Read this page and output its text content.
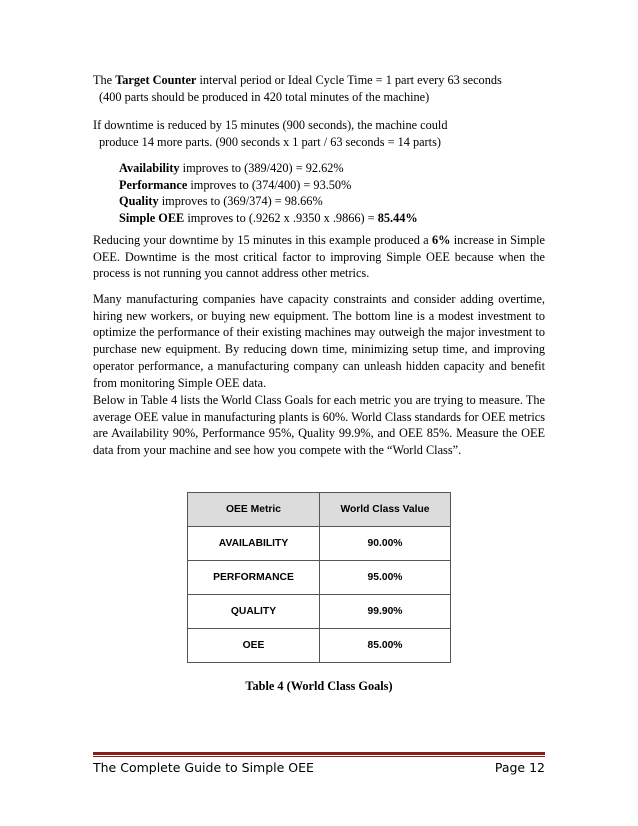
The Target Counter interval period or Ideal Cycle Time = 1 part every 63 seconds
(400 parts should be produced in 420 total minutes of the machine)
If downtime is reduced by 15 minutes (900 seconds), the machine could
produce 14 more parts. (900 seconds x 1 part / 63 seconds = 14 parts)
Availability improves to (389/420) = 92.62%
Performance improves to (374/400) = 93.50%
Quality improves to (369/374) = 98.66%
Simple OEE improves to (.9262 x .9350 x .9866) = 85.44%
Reducing your downtime by 15 minutes in this example produced a 6% increase in Simple OEE. Downtime is the most critical factor to improving Simple OEE because when the process is not running you cannot address other metrics.
Many manufacturing companies have capacity constraints and consider adding overtime, hiring new workers, or buying new equipment. The bottom line is a modest investment to optimize the performance of their existing machines may outweigh the major investment to purchase new equipment. By reducing down time, minimizing setup time, and improving operator performance, a manufacturing company can unleash hidden capacity and benefit from monitoring Simple OEE data.
Below in Table 4 lists the World Class Goals for each metric you are trying to measure. The average OEE value in manufacturing plants is 60%. World Class standards for OEE metrics are Availability 90%, Performance 95%, Quality 99.9%, and OEE 85%. Measure the OEE data from your machine and see how you compete with the “World Class”.
OEE Metric	World Class Value
AVAILABILITY	90.00%
PERFORMANCE	95.00%
QUALITY	99.90%
OEE	85.00%
Table 4 (World Class Goals)
The Complete Guide to Simple OEE	Page 12
